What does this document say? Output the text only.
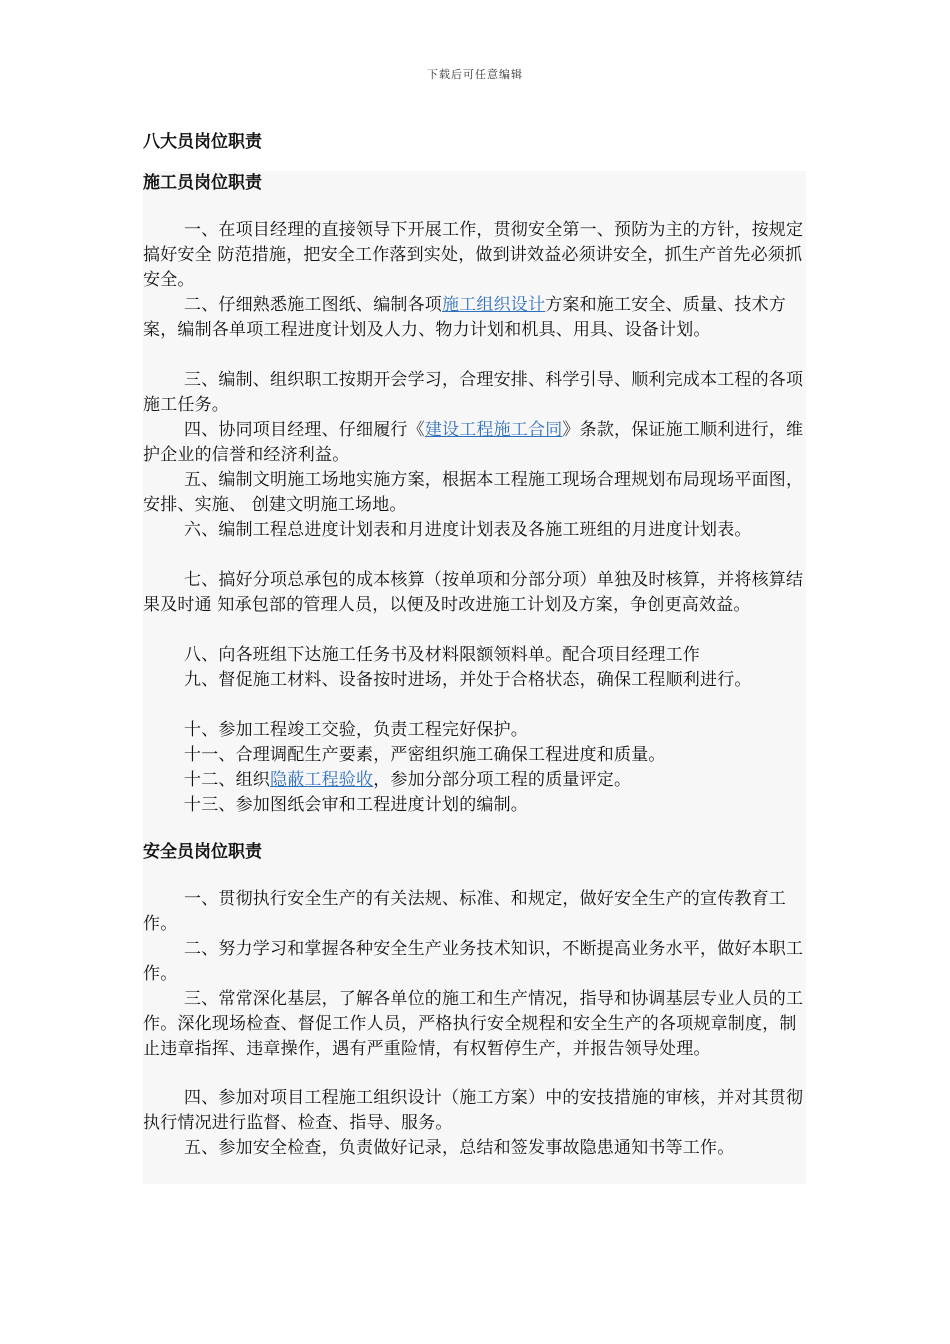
下载后可任意编辑
八大员岗位职责
施工员岗位职责
一、在项目经理的直接领导下开展工作，贯彻安全第一、预防为主的方针，按规定搞好安全 防范措施，把安全工作落到实处，做到讲效益必须讲安全，抓生产首先必须抓安全。
二、仔细熟悉施工图纸、编制各项施工组织设计方案和施工安全、质量、技术方案，编制各单项工程进度计划及人力、物力计划和机具、用具、设备计划。
三、编制、组织职工按期开会学习，合理安排、科学引导、顺利完成本工程的各项施工任务。
四、协同项目经理、仔细履行《建设工程施工合同》条款，保证施工顺利进行，维护企业的信誉和经济利益。
五、编制文明施工场地实施方案，根据本工程施工现场合理规划布局现场平面图，安排、实施、 创建文明施工场地。
六、编制工程总进度计划表和月进度计划表及各施工班组的月进度计划表。
七、搞好分项总承包的成本核算（按单项和分部分项）单独及时核算，并将核算结果及时通 知承包部的管理人员，以便及时改进施工计划及方案，争创更高效益。
八、向各班组下达施工任务书及材料限额领料单。配合项目经理工作
九、督促施工材料、设备按时进场，并处于合格状态，确保工程顺利进行。
十、参加工程竣工交验，负责工程完好保护。
十一、合理调配生产要素，严密组织施工确保工程进度和质量。
十二、组织隐蔽工程验收，参加分部分项工程的质量评定。
十三、参加图纸会审和工程进度计划的编制。
安全员岗位职责
一、贯彻执行安全生产的有关法规、标准、和规定，做好安全生产的宣传教育工作。
二、努力学习和掌握各种安全生产业务技术知识，不断提高业务水平，做好本职工作。
三、常常深化基层，了解各单位的施工和生产情况，指导和协调基层专业人员的工作。深化现场检查、督促工作人员，严格执行安全规程和安全生产的各项规章制度，制止违章指挥、违章操作，遇有严重险情，有权暂停生产，并报告领导处理。
四、参加对项目工程施工组织设计（施工方案）中的安技措施的审核，并对其贯彻执行情况进行监督、检查、指导、服务。
五、参加安全检查，负责做好记录，总结和签发事故隐患通知书等工作。
